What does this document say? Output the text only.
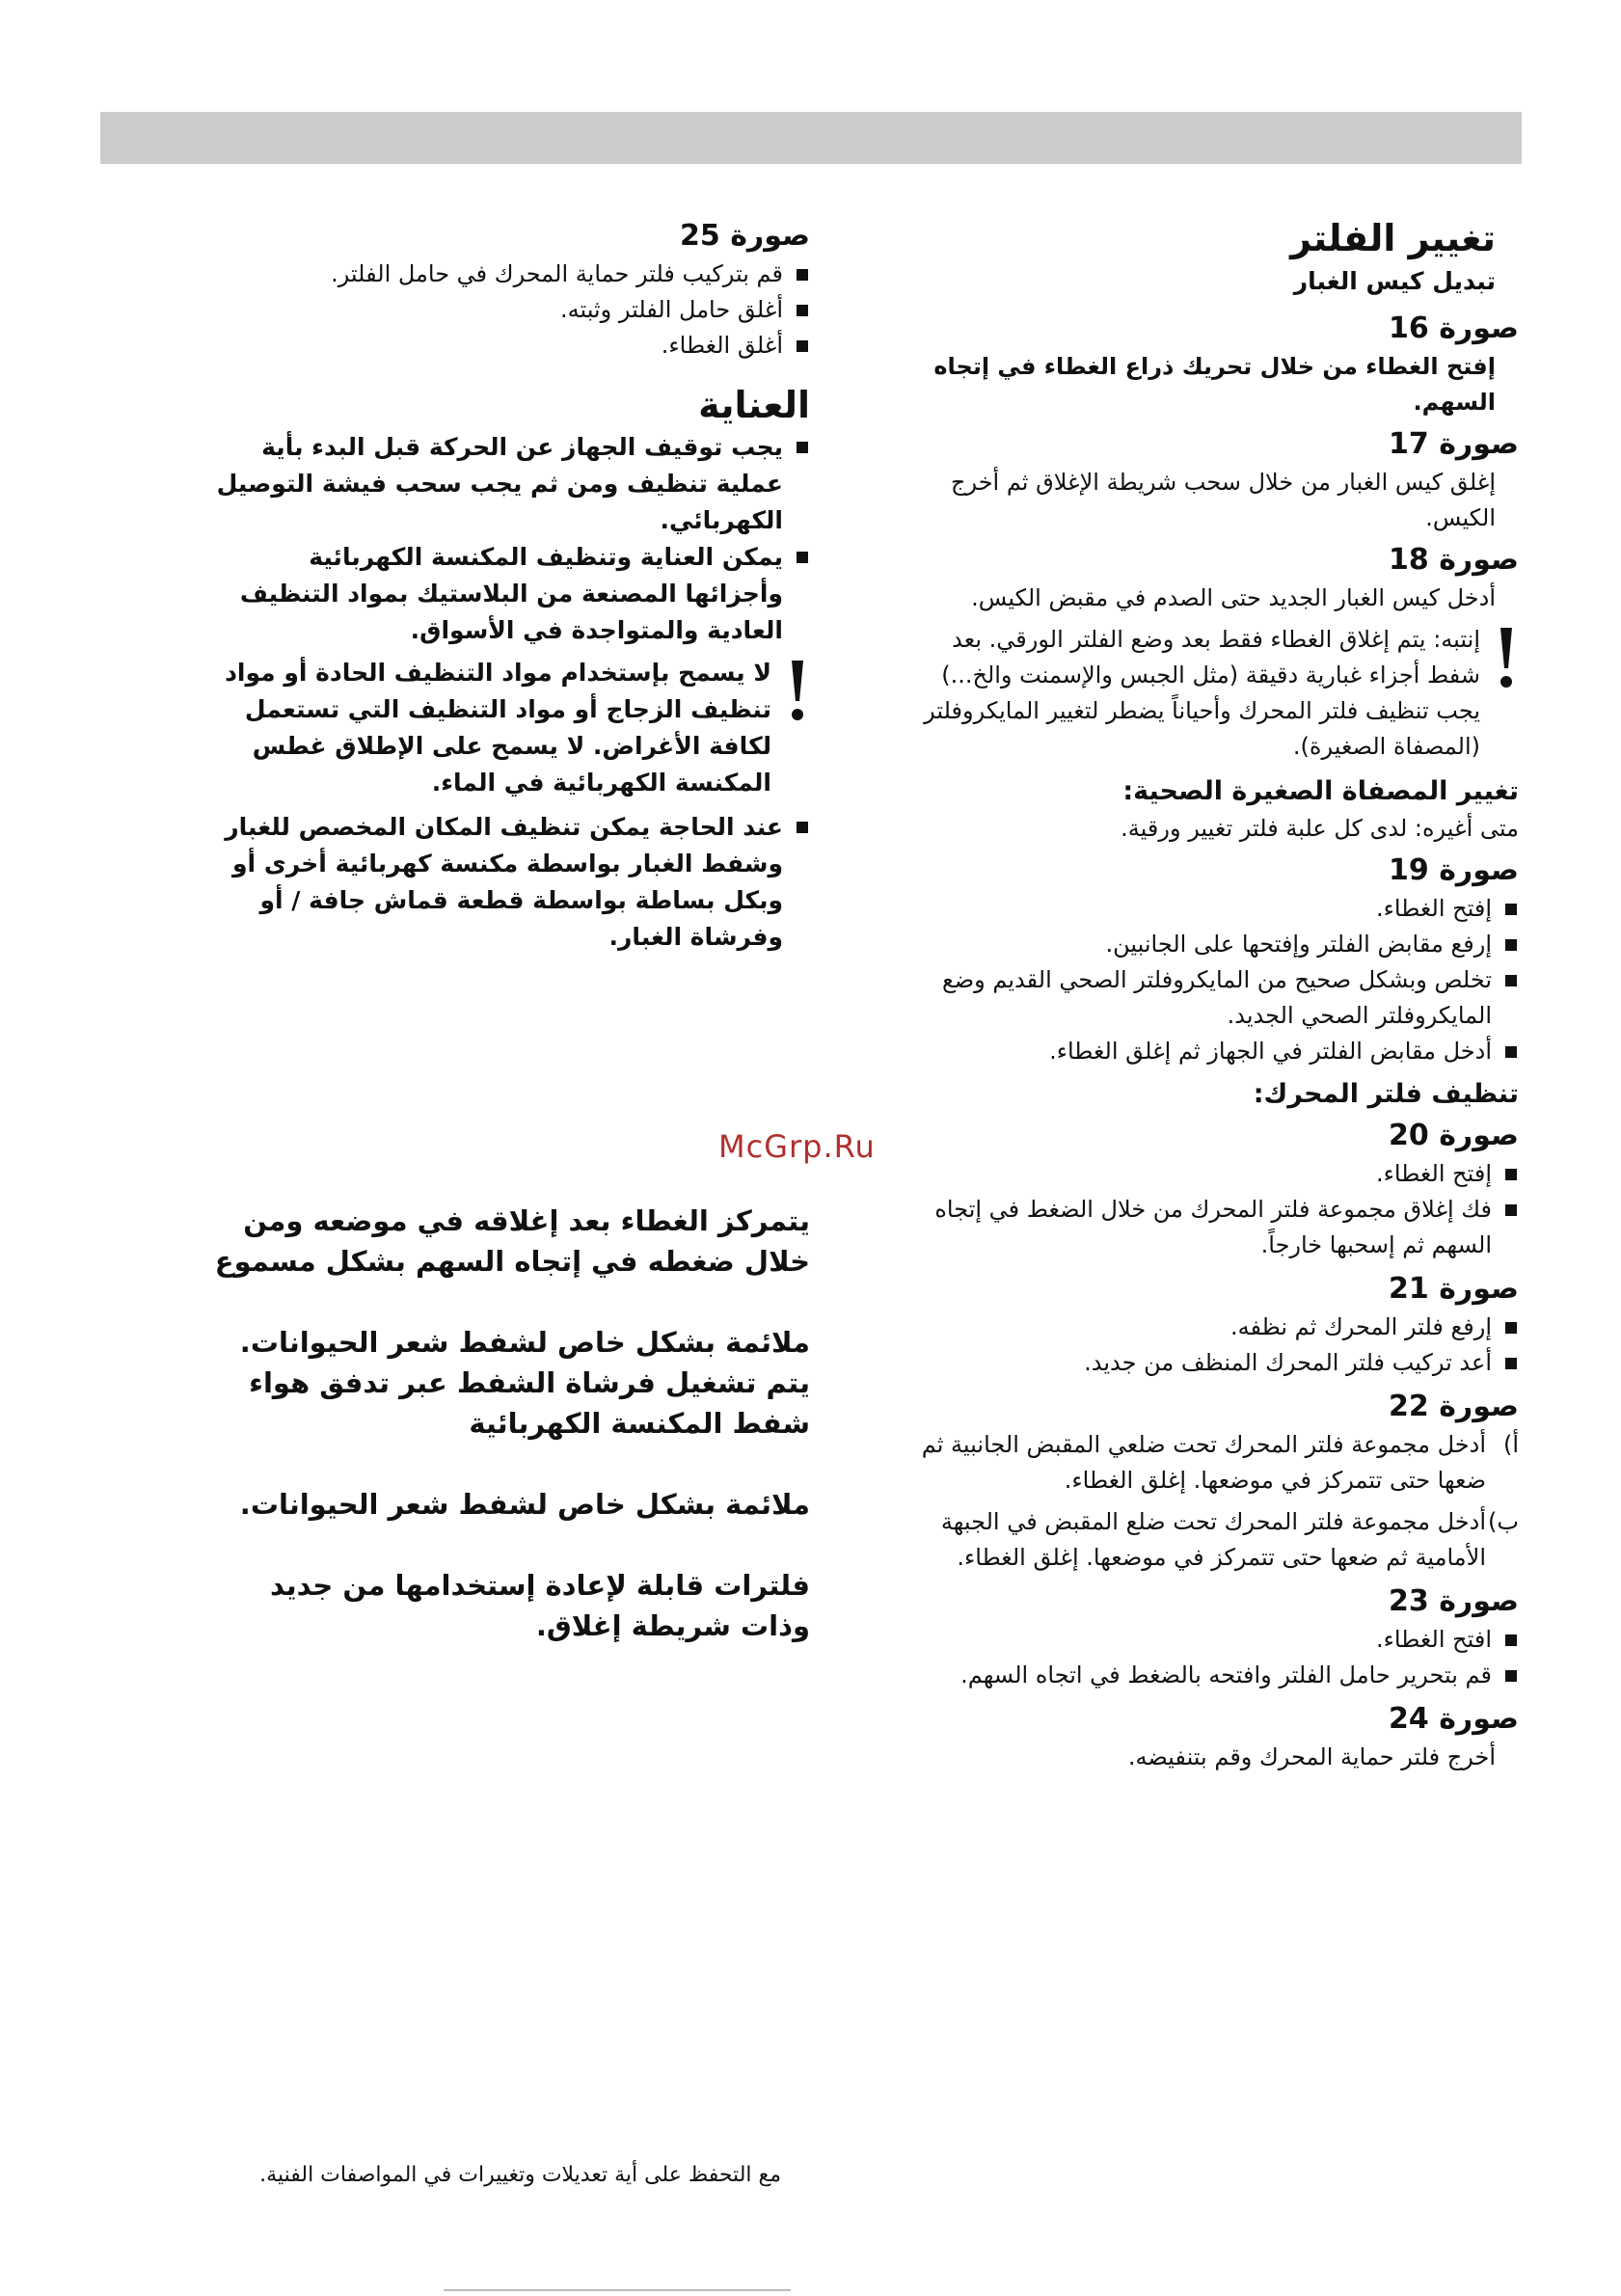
تغيير الفلتر
تبديل كيس الغبار
صورة 16
إفتح الغطاء من خلال تحريك ذراع الغطاء في إتجاه السهم.
صورة 17
إغلق كيس الغبار من خلال سحب شريطة الإغلاق ثم أخرج الكيس.
صورة 18
أدخل كيس الغبار الجديد حتى الصدم في مقبض الكيس.
إنتبه: يتم إغلاق الغطاء فقط بعد وضع الفلتر الورقي. بعد شفط أجزاء غبارية دقيقة (مثل الجبس والإسمنت والخ...) يجب تنظيف فلتر المحرك وأحياناً يضطر لتغيير المايكروفلتر (المصفاة الصغيرة).
تغيير المصفاة الصغيرة الصحية:
متى أغيره: لدى كل علبة فلتر تغيير ورقية.
صورة 19
إفتح الغطاء.
إرفع مقابض الفلتر وإفتحها على الجانبين.
تخلص وبشكل صحيح من المايكروفلتر الصحي القديم وضع المايكروفلتر الصحي الجديد.
أدخل مقابض الفلتر في الجهاز ثم إغلق الغطاء.
تنظيف فلتر المحرك:
صورة 20
إفتح الغطاء.
فك إغلاق مجموعة فلتر المحرك من خلال الضغط في إتجاه السهم ثم إسحبها خارجاً.
صورة 21
إرفع فلتر المحرك ثم نظفه.
أعد تركيب فلتر المحرك المنظف من جديد.
صورة 22
أ)
أدخل مجموعة فلتر المحرك تحت ضلعي المقبض الجانبية ثم ضعها حتى تتمركز في موضعها. إغلق الغطاء.
ب)
أدخل مجموعة فلتر المحرك تحت ضلع المقبض في الجبهة الأمامية ثم ضعها حتى تتمركز في موضعها. إغلق الغطاء.
صورة 23
افتح الغطاء.
قم بتحرير حامل الفلتر وافتحه بالضغط في اتجاه السهم.
صورة 24
أخرج فلتر حماية المحرك وقم بتنفيضه.
صورة 25
قم بتركيب فلتر حماية المحرك في حامل الفلتر.
أغلق حامل الفلتر وثبته.
أغلق الغطاء.
العناية
يجب توقيف الجهاز عن الحركة قبل البدء بأية عملية تنظيف ومن ثم يجب سحب فيشة التوصيل الكهربائي.
يمكن العناية وتنظيف المكنسة الكهربائية وأجزائها المصنعة من البلاستيك بمواد التنظيف العادية والمتواجدة في الأسواق.
لا يسمح بإستخدام مواد التنظيف الحادة أو مواد تنظيف الزجاج أو مواد التنظيف التي تستعمل لكافة الأغراض. لا يسمح على الإطلاق غطس المكنسة الكهربائية في الماء.
عند الحاجة يمكن تنظيف المكان المخصص للغبار وشفط الغبار بواسطة مكنسة كهربائية أخرى أو وبكل بساطة بواسطة قطعة قماش جافة / أو وفرشاة الغبار.
McGrp.Ru
يتمركز الغطاء بعد إغلاقه في موضعه ومن خلال ضغطه في إتجاه السهم بشكل مسموع
ملائمة بشكل خاص لشفط شعر الحيوانات. يتم تشغيل فرشاة الشفط عبر تدفق هواء شفط المكنسة الكهربائية
ملائمة بشكل خاص لشفط شعر الحيوانات.
فلترات قابلة لإعادة إستخدامها من جديد وذات شريطة إغلاق.
مع التحفظ على أية تعديلات وتغييرات في المواصفات الفنية.
